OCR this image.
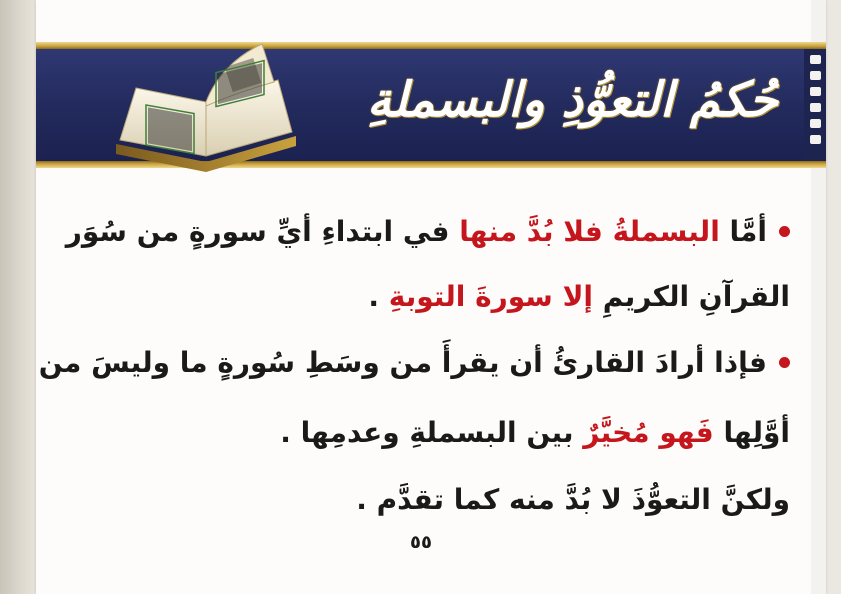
حُكمُ التعوُّذِ والبسملةِ
أمَّا البسملةُ فلا بُدَّ منها في ابتداءِ أيِّ سورةٍ من سُوَر
القرآنِ الكريمِ إلا سورةَ التوبةِ .
فإذا أرادَ القارئُ أن يقرأَ من وسَطِ سُورةٍ ما وليسَ من
أوَّلِها فَهو مُخيَّرٌ بين البسملةِ وعدمِها .
ولكنَّ التعوُّذَ لا بُدَّ منه كما تقدَّم .
٥٥
